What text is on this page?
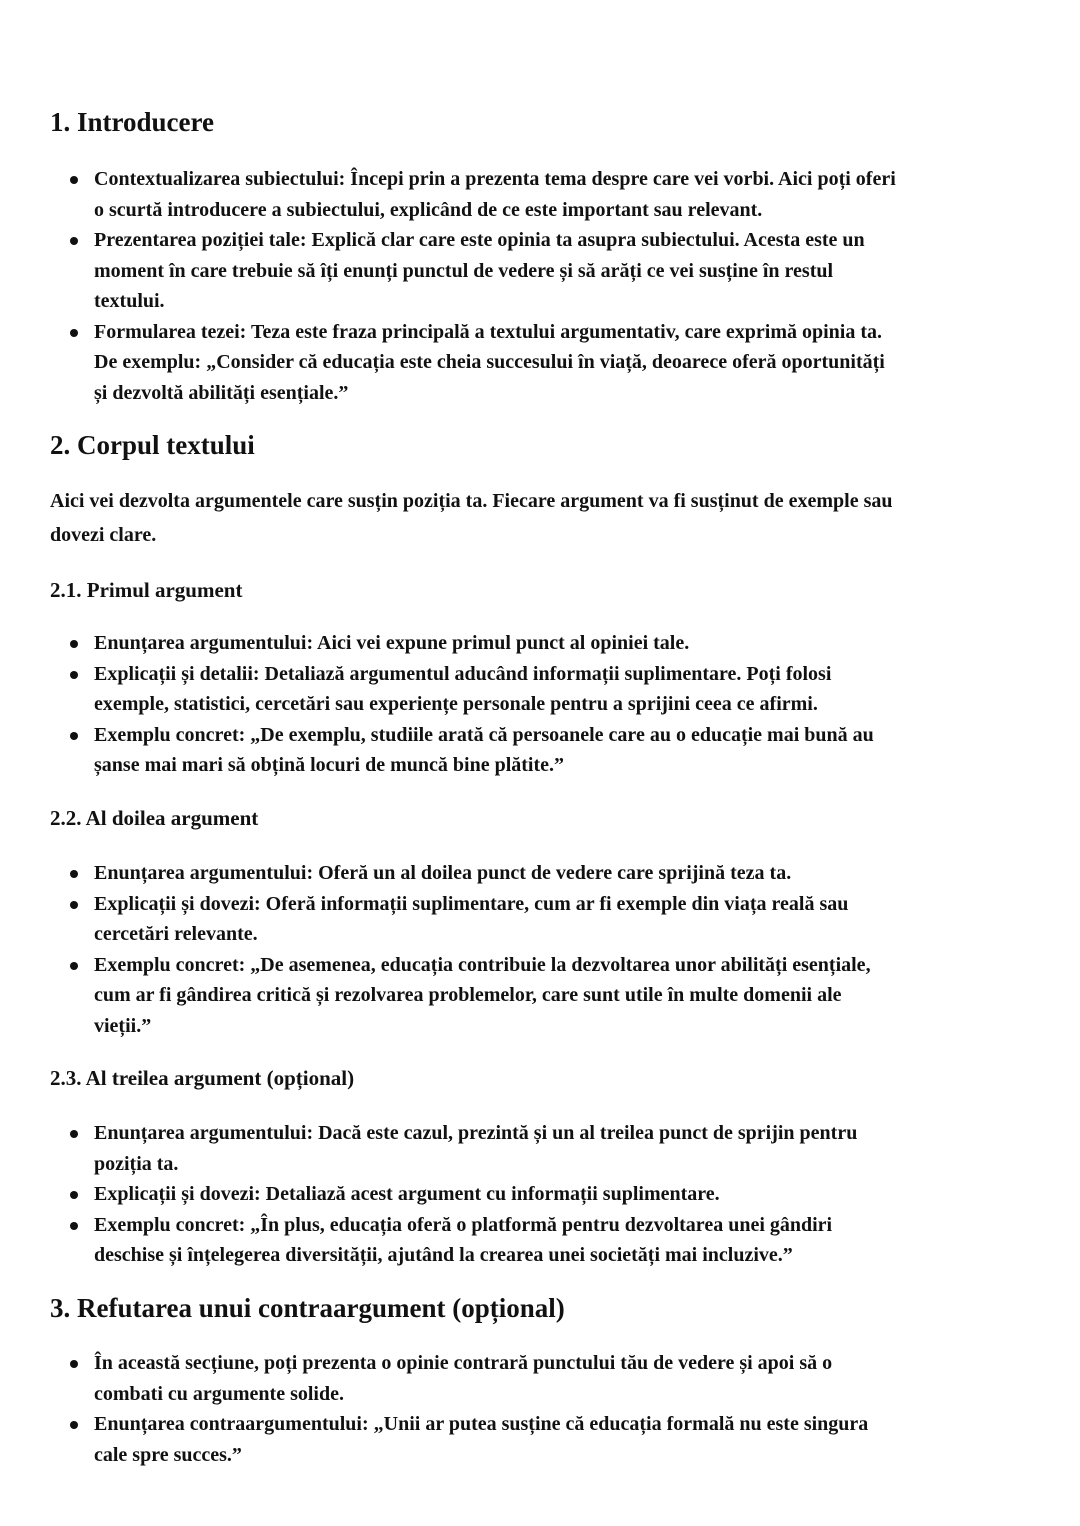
1. Introducere
Contextualizarea subiectului: Începi prin a prezenta tema despre care vei vorbi. Aici poți oferi
o scurtă introducere a subiectului, explicând de ce este important sau relevant.
Prezentarea poziției tale: Explică clar care este opinia ta asupra subiectului. Acesta este un
moment în care trebuie să îți enunți punctul de vedere și să arăți ce vei susține în restul
textului.
Formularea tezei: Teza este fraza principală a textului argumentativ, care exprimă opinia ta.
De exemplu: „Consider că educația este cheia succesului în viață, deoarece oferă oportunități
și dezvoltă abilități esențiale.”
2. Corpul textului
Aici vei dezvolta argumentele care susțin poziția ta. Fiecare argument va fi susținut de exemple sau
dovezi clare.
2.1. Primul argument
Enunțarea argumentului: Aici vei expune primul punct al opiniei tale.
Explicații și detalii: Detaliază argumentul aducând informații suplimentare. Poți folosi
exemple, statistici, cercetări sau experiențe personale pentru a sprijini ceea ce afirmi.
Exemplu concret: „De exemplu, studiile arată că persoanele care au o educație mai bună au
șanse mai mari să obțină locuri de muncă bine plătite.”
2.2. Al doilea argument
Enunțarea argumentului: Oferă un al doilea punct de vedere care sprijină teza ta.
Explicații și dovezi: Oferă informații suplimentare, cum ar fi exemple din viața reală sau
cercetări relevante.
Exemplu concret: „De asemenea, educația contribuie la dezvoltarea unor abilități esențiale,
cum ar fi gândirea critică și rezolvarea problemelor, care sunt utile în multe domenii ale
vieții.”
2.3. Al treilea argument (opțional)
Enunțarea argumentului: Dacă este cazul, prezintă și un al treilea punct de sprijin pentru
poziția ta.
Explicații și dovezi: Detaliază acest argument cu informații suplimentare.
Exemplu concret: „În plus, educația oferă o platformă pentru dezvoltarea unei gândiri
deschise și înțelegerea diversității, ajutând la crearea unei societăți mai incluzive.”
3. Refutarea unui contraargument (opțional)
În această secțiune, poți prezenta o opinie contrară punctului tău de vedere și apoi să o
combati cu argumente solide.
Enunțarea contraargumentului: „Unii ar putea susține că educația formală nu este singura
cale spre succes.”
